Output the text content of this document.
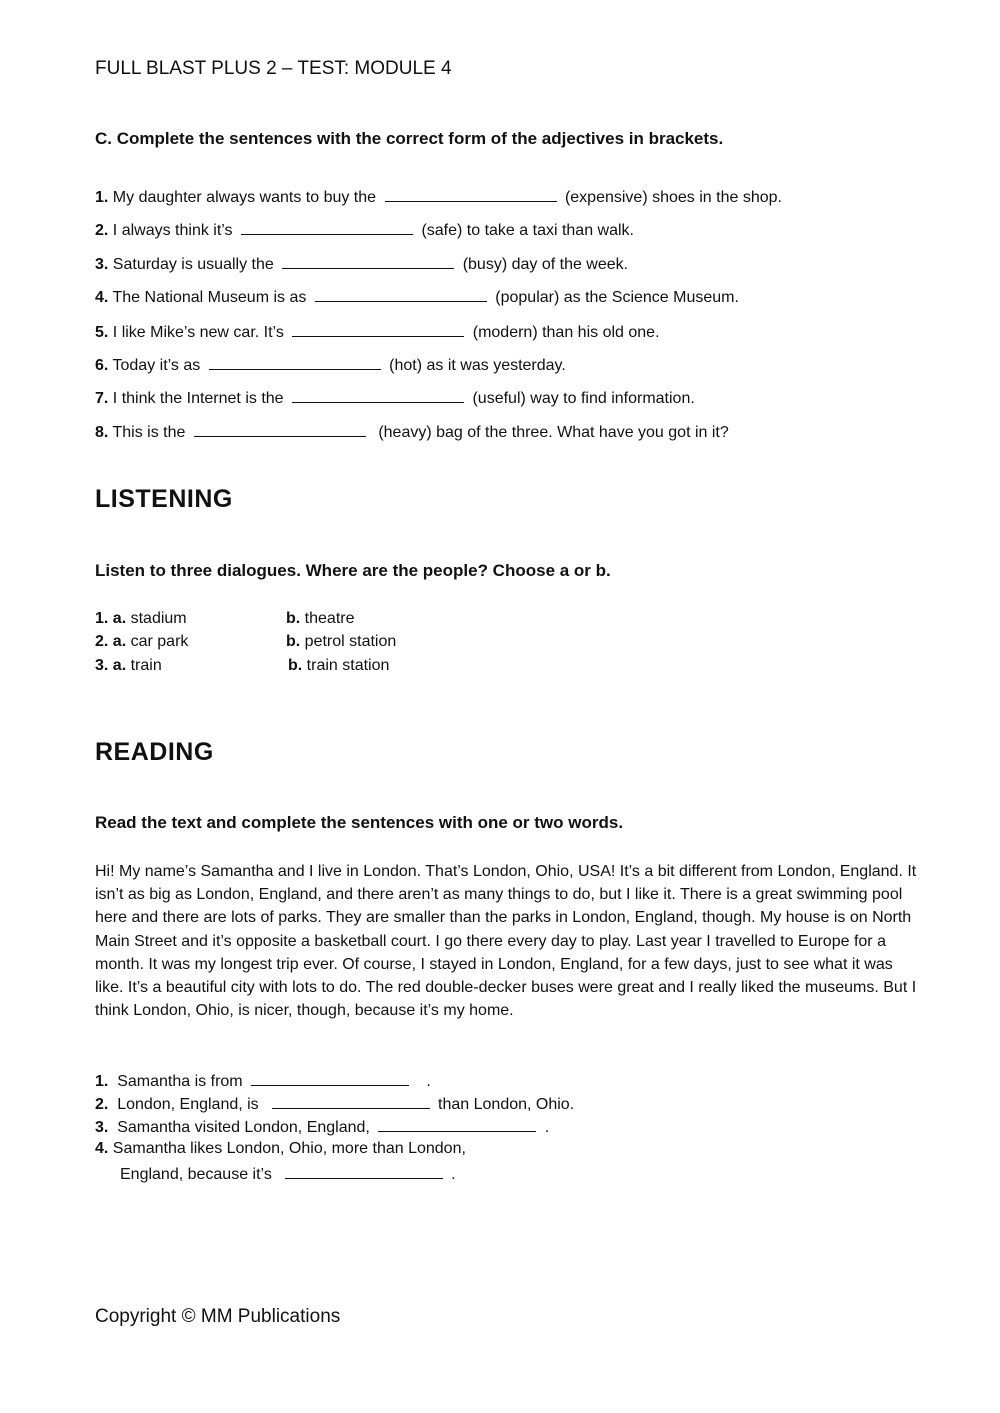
FULL BLAST PLUS 2 – TEST: MODULE 4
C. Complete the sentences with the correct form of the adjectives in brackets.
1. My daughter always wants to buy the	(expensive) shoes in the shop.
2. I always think it’s	(safe) to take a taxi than walk.
3. Saturday is usually the	(busy) day of the week.
4. The National Museum is as	(popular) as the Science Museum.
5. I like Mike’s new car. It’s	(modern) than his old one.
6. Today it’s as	(hot) as it was yesterday.
7. I think the Internet is the	(useful) way to find information.
8. This is the	(heavy) bag of the three. What have you got in it?
LISTENING
Listen to three dialogues. Where are the people? Choose a or b.
1. a. stadium	b. theatre
2. a. car park	b. petrol station
3. a. train	b. train station
READING
Read the text and complete the sentences with one or two words.
Hi! My name’s Samantha and I live in London. That’s London, Ohio, USA! It’s a bit different from London, England. It isn’t as big as London, England, and there aren’t as many things to do, but I like it. There is a great swimming pool here and there are lots of parks. They are smaller than the parks in London, England, though. My house is on North Main Street and it’s opposite a basketball court. I go there every day to play. Last year I travelled to Europe for a month. It was my longest trip ever. Of course, I stayed in London, England, for a few days, just to see what it was like. It’s a beautiful city with lots to do. The red double-decker buses were great and I really liked the museums. But I think London, Ohio, is nicer, though, because it’s my home.
1. Samantha is from	.
2. London, England, is	than London, Ohio.
3. Samantha visited London, England,	.
4. Samantha likes London, Ohio, more than London,
England, because it’s	.
Copyright © MM Publications
